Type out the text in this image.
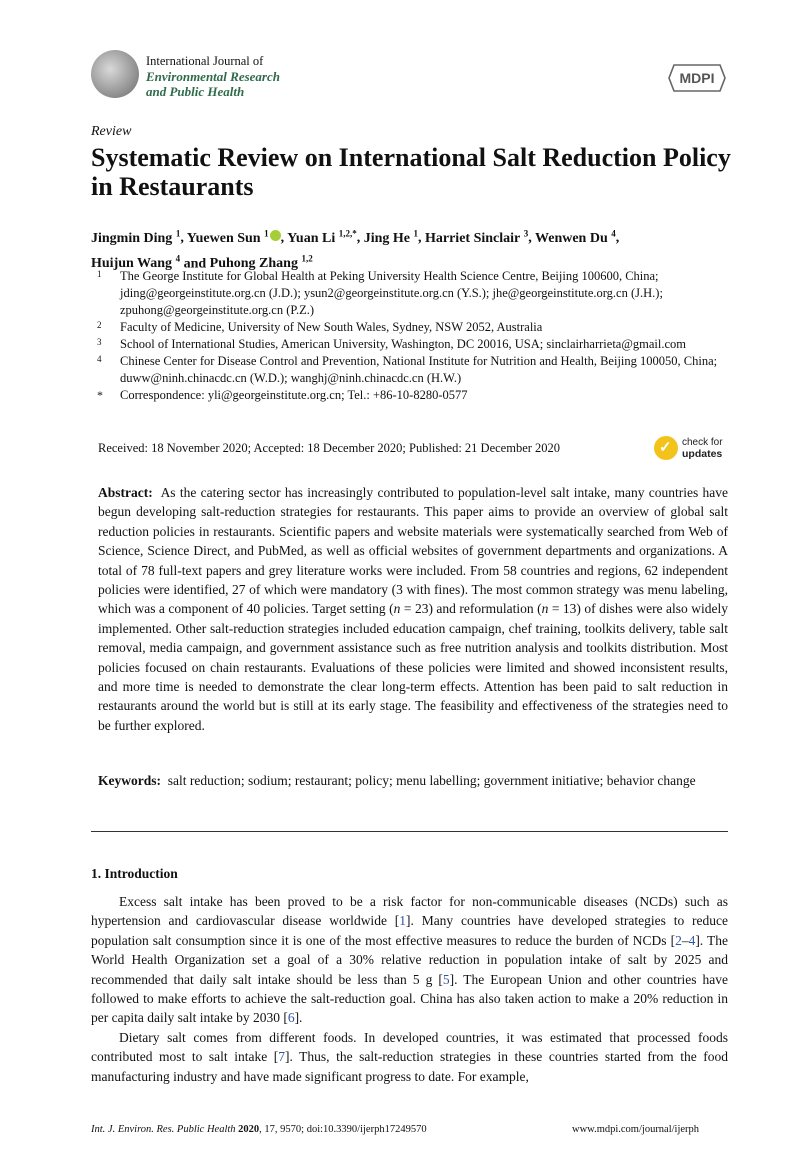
International Journal of
Environmental Research
and Public Health
MDPI
Review
Systematic Review on International Salt Reduction Policy in Restaurants
Jingmin Ding $^1$, Yuewen Sun $^1$ , Yuan Li $^{1,2,*}$, Jing He $^1$, Harriet Sinclair $^3$, Wenwen Du $^4$,
Huijun Wang $^4$ and Puhong Zhang $^{1,2}$
1 The George Institute for Global Health at Peking University Health Science Centre, Beijing 100600, China; jding@georgeinstitute.org.cn (J.D.); ysun2@georgeinstitute.org.cn (Y.S.); jhe@georgeinstitute.org.cn (J.H.); zpuhong@georgeinstitute.org.cn (P.Z.)
2 Faculty of Medicine, University of New South Wales, Sydney, NSW 2052, Australia
3 School of International Studies, American University, Washington, DC 20016, USA; sinclairharrieta@gmail.com
4 Chinese Center for Disease Control and Prevention, National Institute for Nutrition and Health, Beijing 100050, China; duww@ninh.chinacdc.cn (W.D.); wanghj@ninh.chinacdc.cn (H.W.)
* Correspondence: yli@georgeinstitute.org.cn; Tel.: +86-10-8280-0577
Received: 18 November 2020; Accepted: 18 December 2020; Published: 21 December 2020	✓ check for
updates
Abstract: As the catering sector has increasingly contributed to population-level salt intake, many countries have begun developing salt-reduction strategies for restaurants. This paper aims to provide an overview of global salt reduction policies in restaurants. Scientific papers and website materials were systematically searched from Web of Science, Science Direct, and PubMed, as well as official websites of government departments and organizations. A total of 78 full-text papers and grey literature works were included. From 58 countries and regions, 62 independent policies were identified, 27 of which were mandatory (3 with fines). The most common strategy was menu labeling, which was a component of 40 policies. Target setting (n = 23) and reformulation (n = 13) of dishes were also widely implemented. Other salt-reduction strategies included education campaign, chef training, toolkits delivery, table salt removal, media campaign, and government assistance such as free nutrition analysis and toolkits distribution. Most policies focused on chain restaurants. Evaluations of these policies were limited and showed inconsistent results, and more time is needed to demonstrate the clear long-term effects. Attention has been paid to salt reduction in restaurants around the world but is still at its early stage. The feasibility and effectiveness of the strategies need to be further explored.
Keywords: salt reduction; sodium; restaurant; policy; menu labelling; government initiative; behavior change
1. Introduction

Excess salt intake has been proved to be a risk factor for non-communicable diseases (NCDs) such as hypertension and cardiovascular disease worldwide [1]. Many countries have developed strategies to reduce population salt consumption since it is one of the most effective measures to reduce the burden of NCDs [2–4]. The World Health Organization set a goal of a 30% relative reduction in population intake of salt by 2025 and recommended that daily salt intake should be less than 5 g [5]. The European Union and other countries have followed to make efforts to achieve the salt-reduction goal. China has also taken action to make a 20% reduction in per capita daily salt intake by 2030 [6].

Dietary salt comes from different foods. In developed countries, it was estimated that processed foods contributed most to salt intake [7]. Thus, the salt-reduction strategies in these countries started from the food manufacturing industry and have made significant progress to date. For example,

Int. J. Environ. Res. Public Health 2020, 17, 9570; doi:10.3390/ijerph17249570	www.mdpi.com/journal/ijerph
